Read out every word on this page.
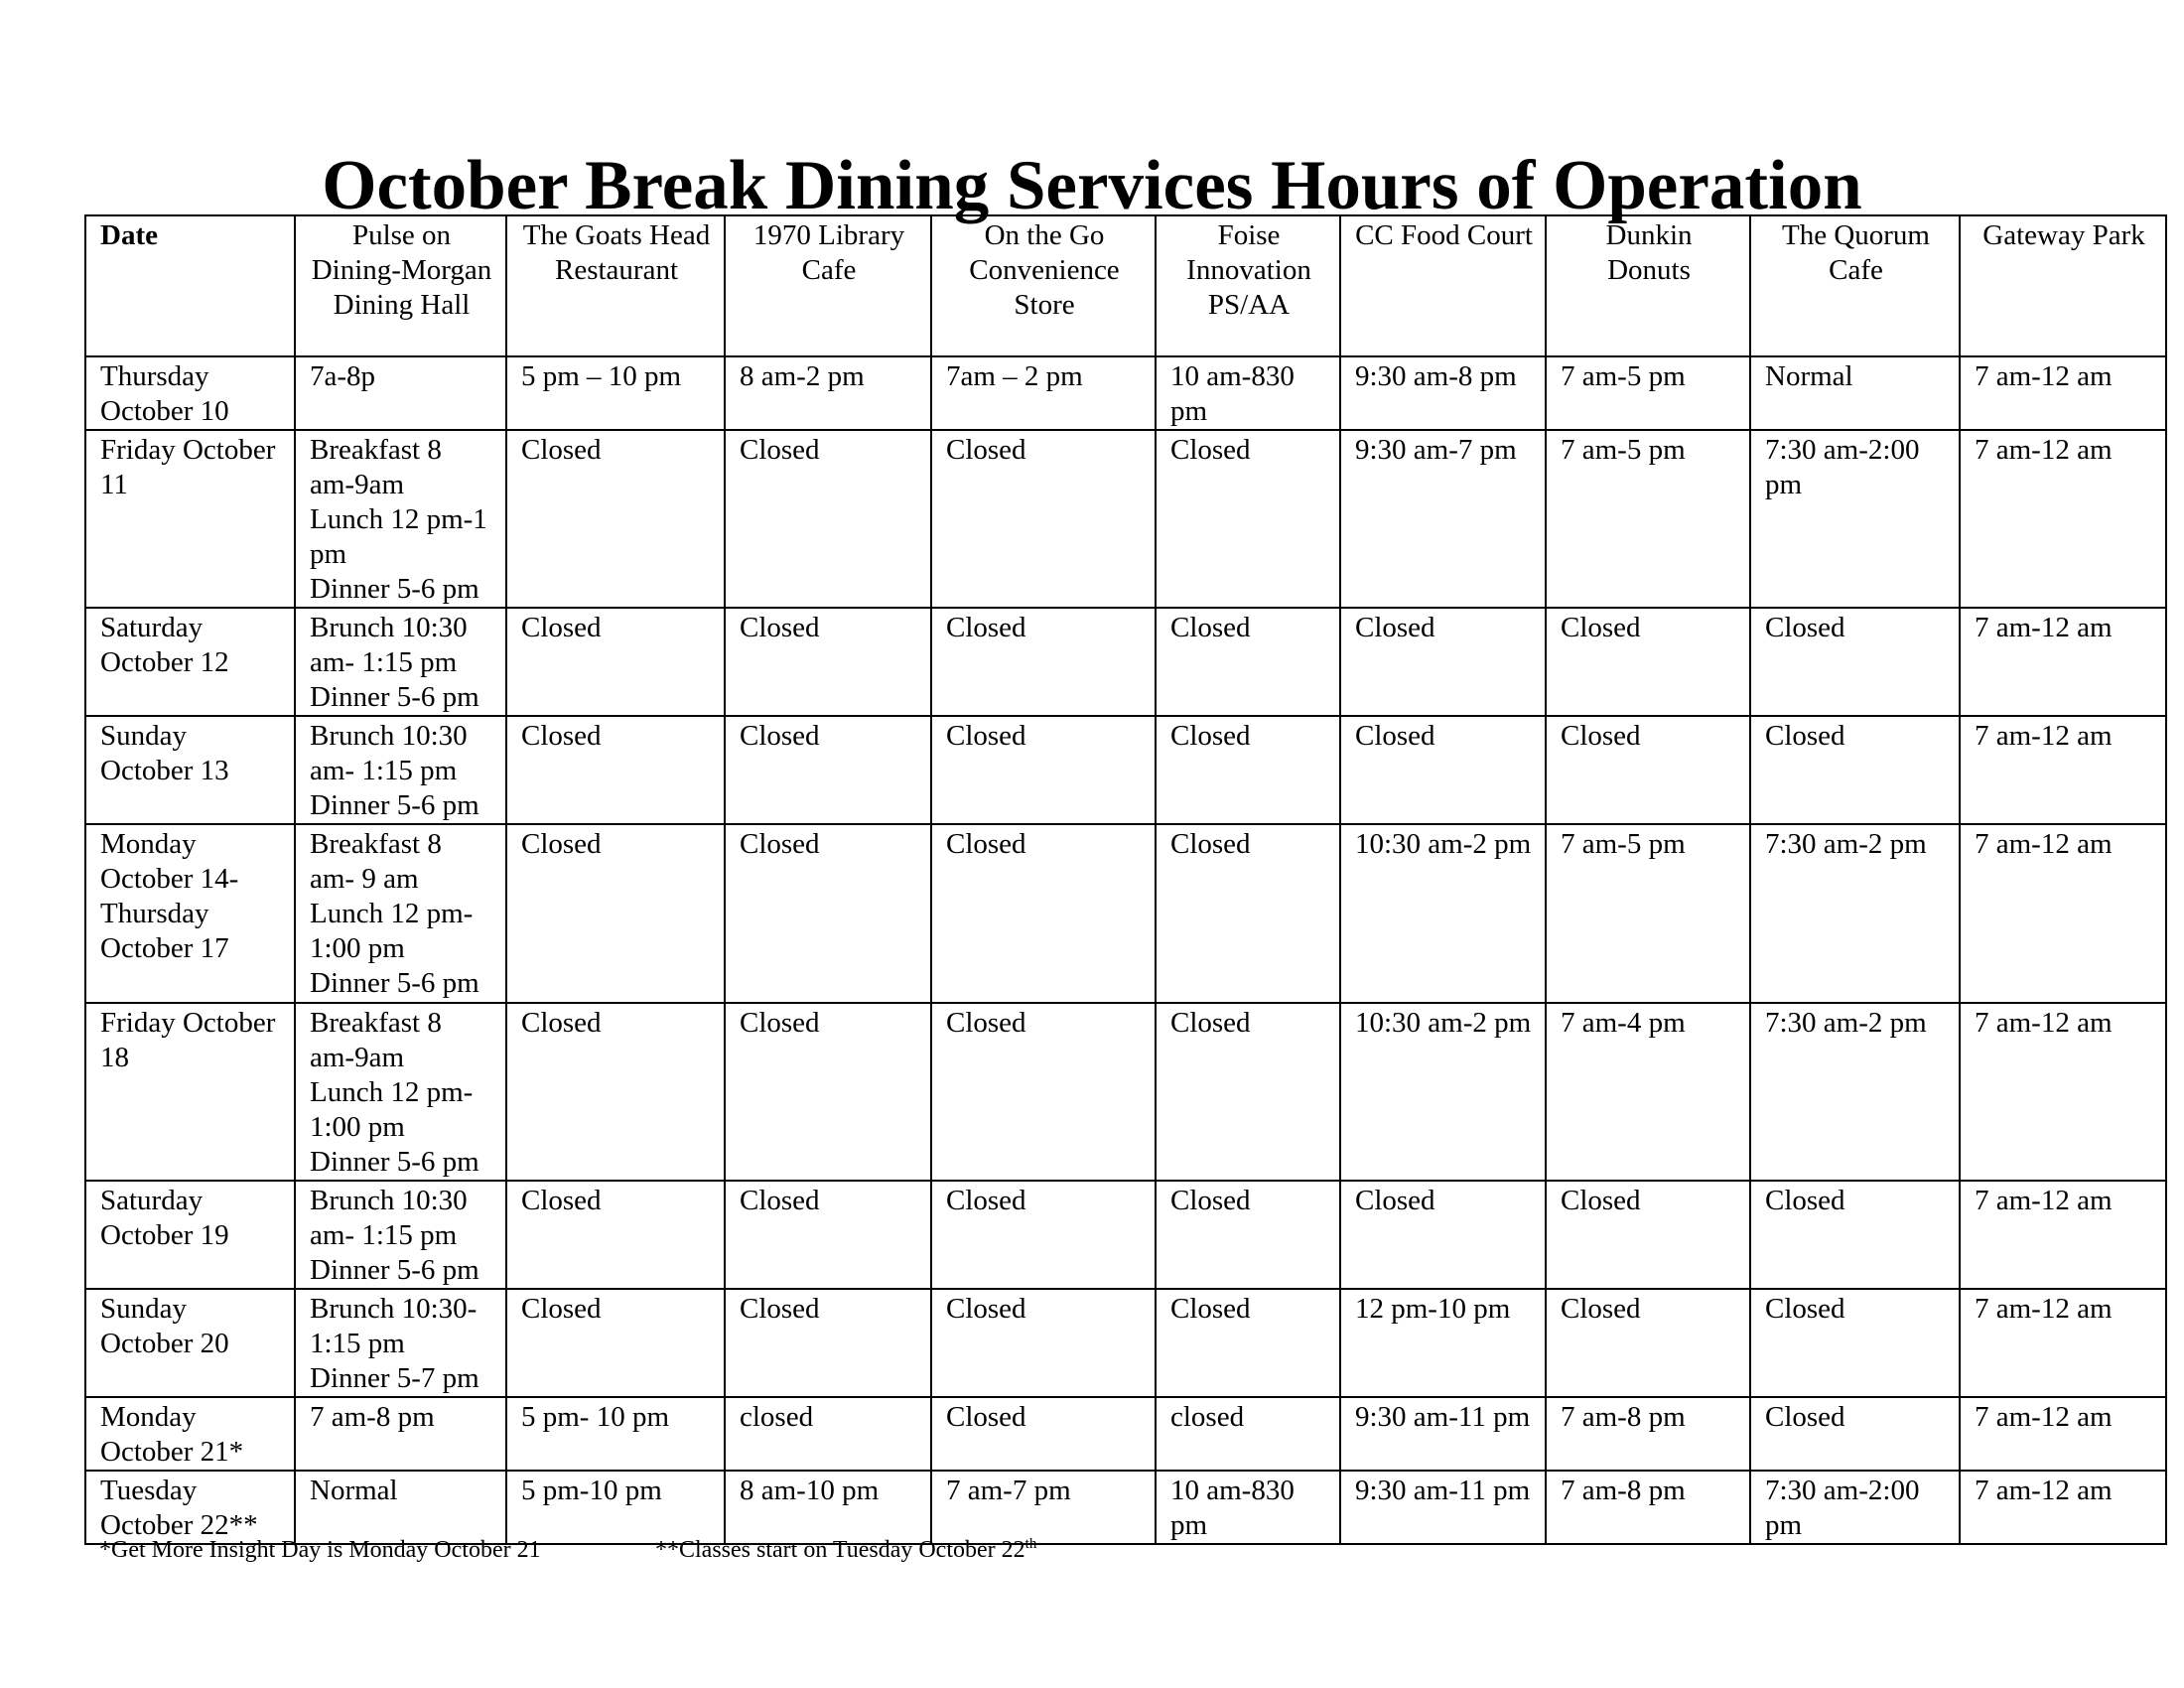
October Break Dining Services Hours of Operation
Date	Pulse on Dining-Morgan Dining Hall	The Goats Head Restaurant	1970 Library Cafe	On the Go Convenience Store	Foise Innovation PS/AA	CC Food Court	Dunkin Donuts	The Quorum Cafe	Gateway Park
Thursday October 10	7a-8p	5 pm – 10 pm	8 am-2 pm	7am – 2 pm	10 am-830 pm	9:30 am-8 pm	7 am-5 pm	Normal	7 am-12 am
Friday October 11	Breakfast 8 am-9am
Lunch 12 pm-1 pm
Dinner 5-6 pm	Closed	Closed	Closed	Closed	9:30 am-7 pm	7 am-5 pm	7:30 am-2:00 pm	7 am-12 am
Saturday October 12	Brunch 10:30 am- 1:15 pm
Dinner 5-6 pm	Closed	Closed	Closed	Closed	Closed	Closed	Closed	7 am-12 am
Sunday October 13	Brunch 10:30 am- 1:15 pm
Dinner 5-6 pm	Closed	Closed	Closed	Closed	Closed	Closed	Closed	7 am-12 am
Monday October 14-Thursday October 17	Breakfast 8 am- 9 am
Lunch 12 pm-1:00 pm
Dinner 5-6 pm	Closed	Closed	Closed	Closed	10:30 am-2 pm	7 am-5 pm	7:30 am-2 pm	7 am-12 am
Friday October 18	Breakfast 8 am-9am
Lunch 12 pm-1:00 pm
Dinner 5-6 pm	Closed	Closed	Closed	Closed	10:30 am-2 pm	7 am-4 pm	7:30 am-2 pm	7 am-12 am
Saturday October 19	Brunch 10:30 am- 1:15 pm
Dinner 5-6 pm	Closed	Closed	Closed	Closed	Closed	Closed	Closed	7 am-12 am
Sunday October 20	Brunch 10:30-1:15 pm
Dinner 5-7 pm	Closed	Closed	Closed	Closed	12 pm-10 pm	Closed	Closed	7 am-12 am
Monday October 21*	7 am-8 pm	5 pm- 10 pm	closed	Closed	closed	9:30 am-11 pm	7 am-8 pm	Closed	7 am-12 am
Tuesday October 22**	Normal	5 pm-10 pm	8 am-10 pm	7 am-7 pm	10 am-830 pm	9:30 am-11 pm	7 am-8 pm	7:30 am-2:00 pm	7 am-12 am
*Get More Insight Day is Monday October 21	**Classes start on Tuesday October 22th
